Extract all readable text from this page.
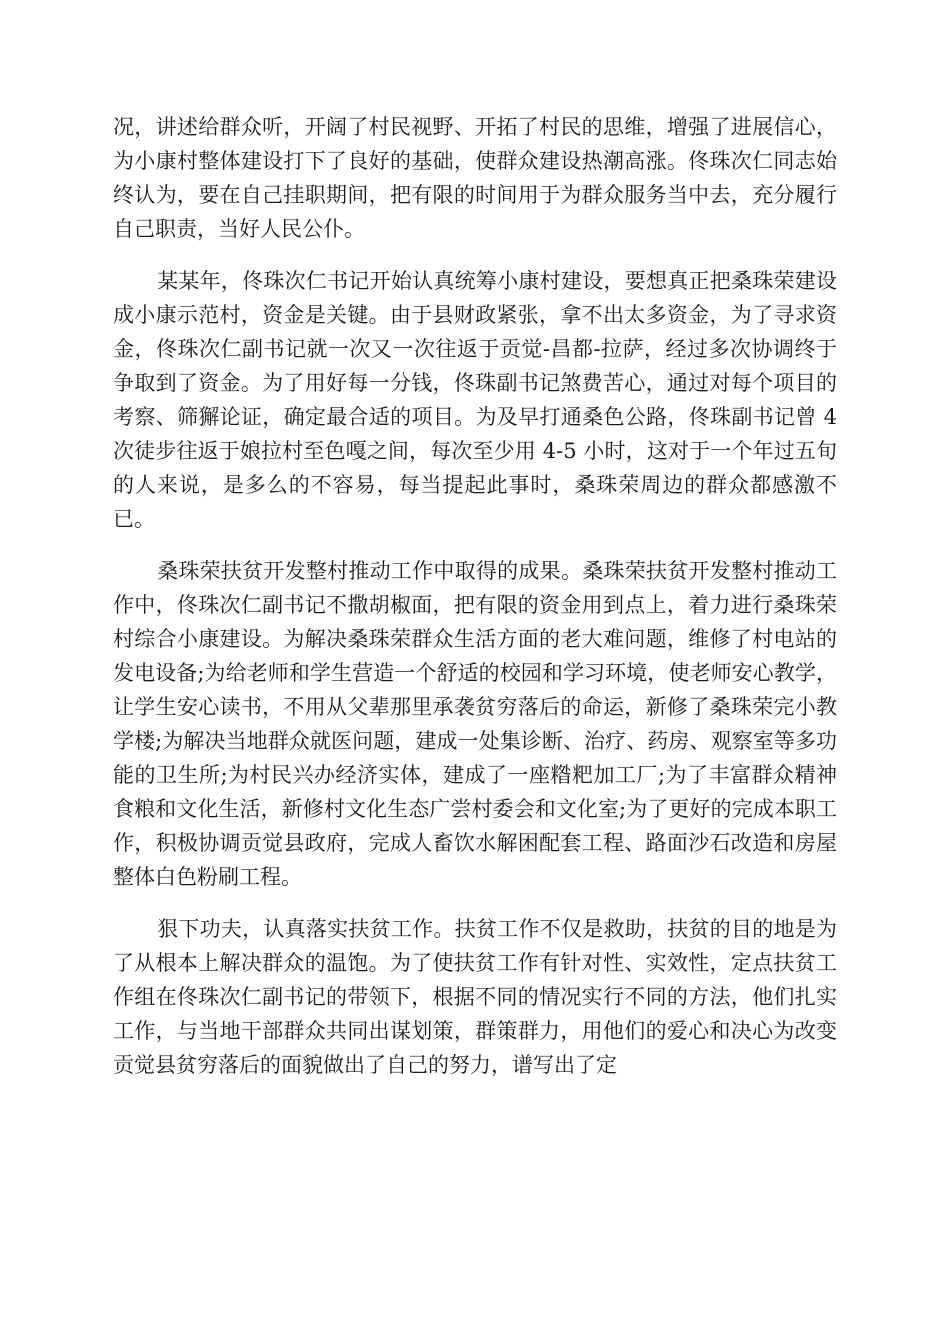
况，讲述给群众听，开阔了村民视野、开拓了村民的思维，增强了进展信心，为小康村整体建设打下了良好的基础，使群众建设热潮高涨。佟珠次仁同志始终认为，要在自己挂职期间，把有限的时间用于为群众服务当中去，充分履行自己职责，当好人民公仆。

某某年，佟珠次仁书记开始认真统筹小康村建设，要想真正把桑珠荣建设成小康示范村，资金是关键。由于县财政紧张，拿不出太多资金，为了寻求资金，佟珠次仁副书记就一次又一次往返于贡觉-昌都-拉萨，经过多次协调终于争取到了资金。为了用好每一分钱，佟珠副书记煞费苦心，通过对每个项目的考察、筛獬论证，确定最合适的项目。为及早打通桑色公路，佟珠副书记曾 4 次徒步往返于娘拉村至色嘎之间，每次至少用 4-5 小时，这对于一个年过五旬的人来说，是多么的不容易，每当提起此事时，桑珠荣周边的群众都感激不已。

桑珠荣扶贫开发整村推动工作中取得的成果。桑珠荣扶贫开发整村推动工作中，佟珠次仁副书记不撒胡椒面，把有限的资金用到点上，着力进行桑珠荣村综合小康建设。为解决桑珠荣群众生活方面的老大难问题，维修了村电站的发电设备;为给老师和学生营造一个舒适的校园和学习环境，使老师安心教学，让学生安心读书，不用从父辈那里承袭贫穷落后的命运，新修了桑珠荣完小教学楼;为解决当地群众就医问题，建成一处集诊断、治疗、药房、观察室等多功能的卫生所;为村民兴办经济实体，建成了一座糌粑加工厂;为了丰富群众精神食粮和文化生活，新修村文化生态广尝村委会和文化室;为了更好的完成本职工作，积极协调贡觉县政府，完成人畜饮水解困配套工程、路面沙石改造和房屋整体白色粉刷工程。

狠下功夫，认真落实扶贫工作。扶贫工作不仅是救助，扶贫的目的地是为了从根本上解决群众的温饱。为了使扶贫工作有针对性、实效性，定点扶贫工作组在佟珠次仁副书记的带领下，根据不同的情况实行不同的方法，他们扎实工作，与当地干部群众共同出谋划策，群策群力，用他们的爱心和决心为改变贡觉县贫穷落后的面貌做出了自己的努力，谱写出了定
